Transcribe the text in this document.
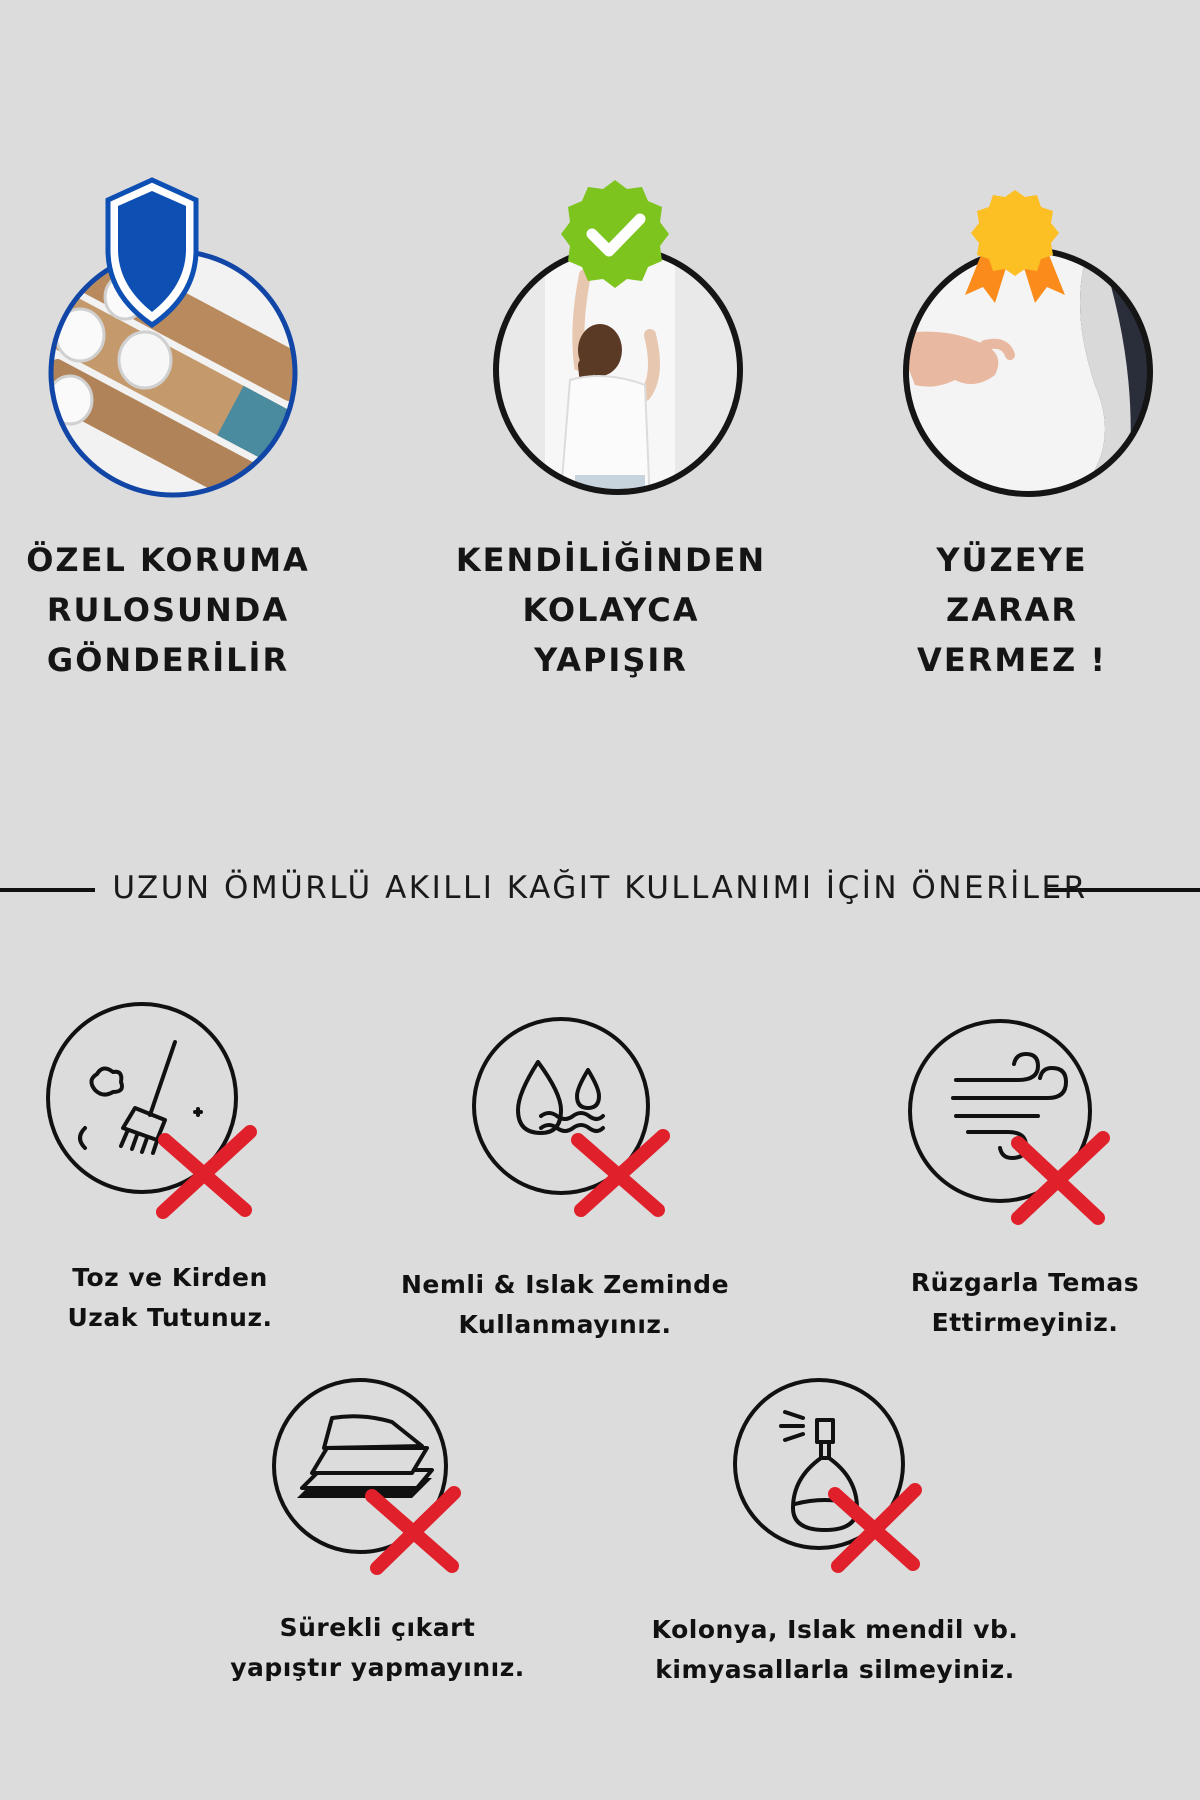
ÖZEL KORUMA
RULOSUNDA
GÖNDERİLİR
KENDİLİĞİNDEN
KOLAYCA
YAPIŞIR
YÜZEYE
ZARAR
VERMEZ !
UZUN ÖMÜRLÜ AKILLI KAĞIT KULLANIMI İÇİN ÖNERİLER
Toz ve Kirden
Uzak Tutunuz.
Nemli & Islak Zeminde
Kullanmayınız.
Rüzgarla Temas
Ettirmeyiniz.
Sürekli çıkart
yapıştır yapmayınız.
Kolonya, Islak mendil vb.
kimyasallarla silmeyiniz.
